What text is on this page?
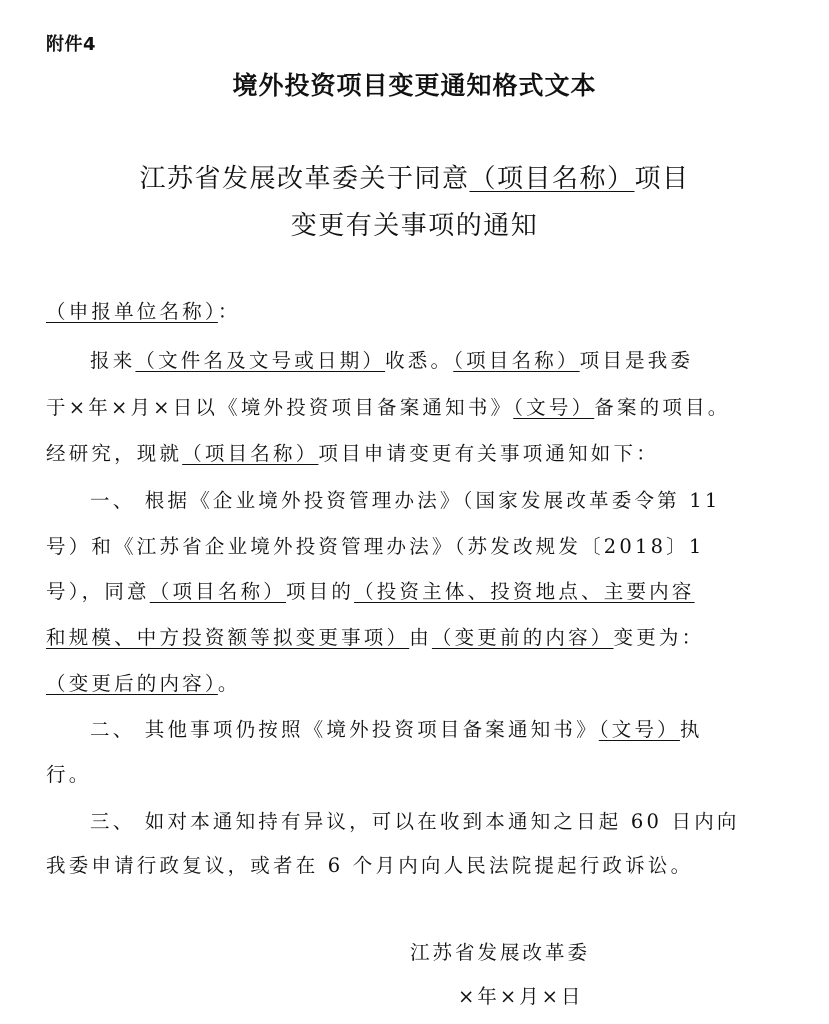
附件4
境外投资项目变更通知格式文本
江苏省发展改革委关于同意（项目名称）项目
变更有关事项的通知
（申报单位名称）：
报来（文件名及文号或日期）收悉。（项目名称）项目是我委
于×年×月×日以《境外投资项目备案通知书》（文号）备案的项目。
经研究，现就（项目名称）项目申请变更有关事项通知如下：
一、 根据《企业境外投资管理办法》（国家发展改革委令第 11
号）和《江苏省企业境外投资管理办法》（苏发改规发〔2018〕1
号），同意（项目名称）项目的（投资主体、投资地点、主要内容
和规模、中方投资额等拟变更事项）由（变更前的内容）变更为：
（变更后的内容）。
二、 其他事项仍按照《境外投资项目备案通知书》（文号）执
行。
三、 如对本通知持有异议，可以在收到本通知之日起 60 日内向
我委申请行政复议，或者在 6 个月内向人民法院提起行政诉讼。
江苏省发展改革委
×年×月×日
